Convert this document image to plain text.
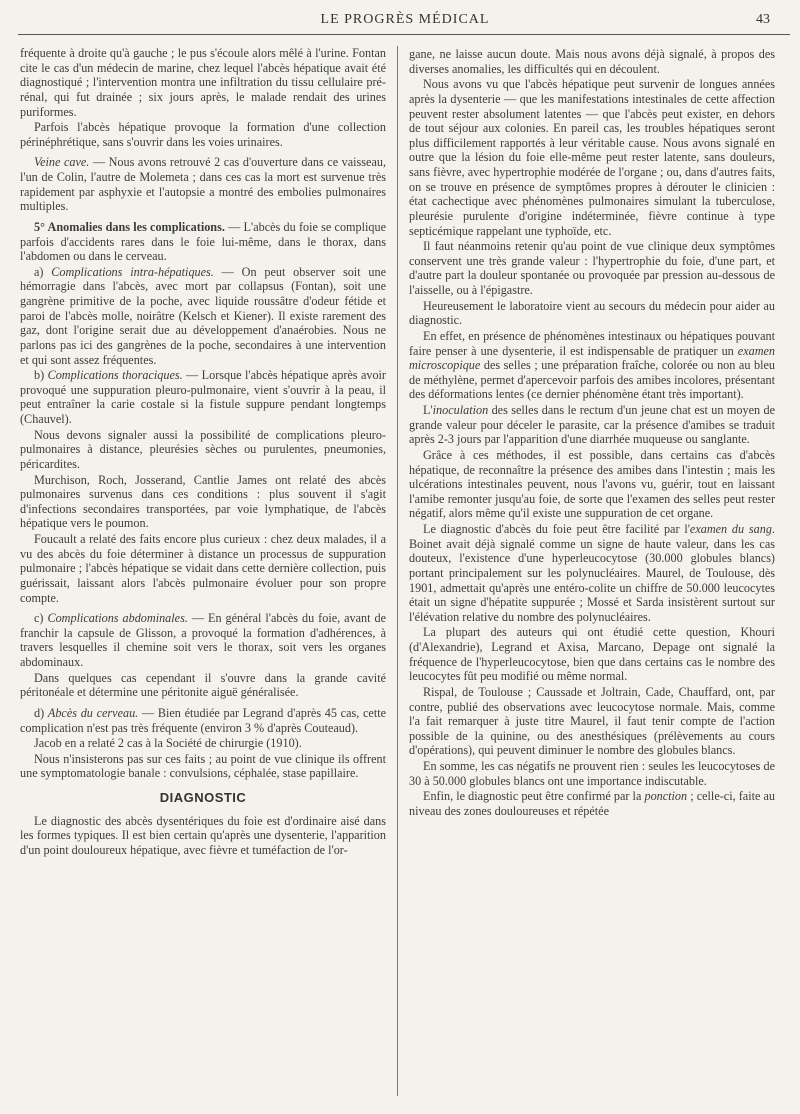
LE PROGRÈS MÉDICAL	43

fréquente à droite qu'à gauche ; le pus s'écoule alors mêlé à l'urine. Fontan cite le cas d'un médecin de marine, chez lequel l'abcès hépatique avait été diagnostiqué ; l'intervention montra une infiltration du tissu cellulaire pré-rénal, qui fut drainée ; six jours après, le malade rendait des urines puriformes.

Parfois l'abcès hépatique provoque la formation d'une collection périnéphrétique, sans s'ouvrir dans les voies urinaires.

Veine cave. — Nous avons retrouvé 2 cas d'ouverture dans ce vaisseau, l'un de Colin, l'autre de Molemeta ; dans ces cas la mort est survenue très rapidement par asphyxie et l'autopsie a montré des embolies pulmonaires multiples.

5° Anomalies dans les complications. — L'abcès du foie se complique parfois d'accidents rares dans le foie lui-même, dans le thorax, dans l'abdomen ou dans le cerveau.

a) Complications intra-hépatiques. — On peut observer soit une hémorragie dans l'abcès, avec mort par collapsus (Fontan), soit une gangrène primitive de la poche, avec liquide roussâtre d'odeur fétide et paroi de l'abcès molle, noirâtre (Kelsch et Kiener). Il existe rarement des gaz, dont l'origine serait due au développement d'anaérobies. Nous ne parlons pas ici des gangrènes de la poche, secondaires à une intervention et qui sont assez fréquentes.

b) Complications thoraciques. — Lorsque l'abcès hépatique après avoir provoqué une suppuration pleuro-pulmonaire, vient s'ouvrir à la peau, il peut entraîner la carie costale si la fistule suppure pendant longtemps (Chauvel).

Nous devons signaler aussi la possibilité de complications pleuro-pulmonaires à distance, pleurésies sèches ou purulentes, pneumonies, péricardites.

Murchison, Roch, Josserand, Cantlie James ont relaté des abcès pulmonaires survenus dans ces conditions : plus souvent il s'agit d'infections secondaires transportées, par voie lymphatique, de l'abcès hépatique vers le poumon.

Foucault a relaté des faits encore plus curieux : chez deux malades, il a vu des abcès du foie déterminer à distance un processus de suppuration pulmonaire ; l'abcès hépatique se vidait dans cette dernière collection, puis guérissait, laissant alors l'abcès pulmonaire évoluer pour son propre compte.

c) Complications abdominales. — En général l'abcès du foie, avant de franchir la capsule de Glisson, a provoqué la formation d'adhérences, à travers lesquelles il chemine soit vers le thorax, soit vers les organes abdominaux.

Dans quelques cas cependant il s'ouvre dans la grande cavité péritonéale et détermine une péritonite aiguë généralisée.

d) Abcès du cerveau. — Bien étudiée par Legrand d'après 45 cas, cette complication n'est pas très fréquente (environ 3 % d'après Couteaud).

Jacob en a relaté 2 cas à la Société de chirurgie (1910).

Nous n'insisterons pas sur ces faits ; au point de vue clinique ils offrent une symptomatologie banale : convulsions, céphalée, stase papillaire.

DIAGNOSTIC

Le diagnostic des abcès dysentériques du foie est d'ordinaire aisé dans les formes typiques. Il est bien certain qu'après une dysenterie, l'apparition d'un point douloureux hépatique, avec fièvre et tuméfaction de l'or-

gane, ne laisse aucun doute. Mais nous avons déjà signalé, à propos des diverses anomalies, les difficultés qui en découlent.

Nous avons vu que l'abcès hépatique peut survenir de longues années après la dysenterie — que les manifestations intestinales de cette affection peuvent rester absolument latentes — que l'abcès peut exister, en dehors de tout séjour aux colonies. En pareil cas, les troubles hépatiques seront plus difficilement rapportés à leur véritable cause. Nous avons signalé en outre que la lésion du foie elle-même peut rester latente, sans douleurs, sans fièvre, avec hypertrophie modérée de l'organe ; ou, dans d'autres faits, on se trouve en présence de symptômes propres à dérouter le clinicien : état cachectique avec phénomènes pulmonaires simulant la tuberculose, pleurésie purulente d'origine indéterminée, fièvre continue à type septicémique rappelant une typhoïde, etc.

Il faut néanmoins retenir qu'au point de vue clinique deux symptômes conservent une très grande valeur : l'hypertrophie du foie, d'une part, et d'autre part la douleur spontanée ou provoquée par pression au-dessous de l'aisselle, ou à l'épigastre.

Heureusement le laboratoire vient au secours du médecin pour aider au diagnostic.

En effet, en présence de phénomènes intestinaux ou hépatiques pouvant faire penser à une dysenterie, il est indispensable de pratiquer un examen microscopique des selles ; une préparation fraîche, colorée ou non au bleu de méthylène, permet d'apercevoir parfois des amibes incolores, présentant des déformations lentes (ce dernier phénomène étant très important).

L'inoculation des selles dans le rectum d'un jeune chat est un moyen de grande valeur pour déceler le parasite, car la présence d'amibes se traduit après 2-3 jours par l'apparition d'une diarrhée muqueuse ou sanglante.

Grâce à ces méthodes, il est possible, dans certains cas d'abcès hépatique, de reconnaître la présence des amibes dans l'intestin ; mais les ulcérations intestinales peuvent, nous l'avons vu, guérir, tout en laissant l'amibe remonter jusqu'au foie, de sorte que l'examen des selles peut rester négatif, alors même qu'il existe une suppuration de cet organe.

Le diagnostic d'abcès du foie peut être facilité par l'examen du sang. Boinet avait déjà signalé comme un signe de haute valeur, dans les cas douteux, l'existence d'une hyperleucocytose (30.000 globules blancs) portant principalement sur les polynucléaires. Maurel, de Toulouse, dès 1901, admettait qu'après une entéro-colite un chiffre de 50.000 leucocytes était un signe d'hépatite suppurée ; Mossé et Sarda insistèrent surtout sur l'élévation relative du nombre des polynucléaires.

La plupart des auteurs qui ont étudié cette question, Khouri (d'Alexandrie), Legrand et Axisa, Marcano, Depage ont signalé la fréquence de l'hyperleucocytose, bien que dans certains cas le nombre des leucocytes fût peu modifié ou même normal.

Rispal, de Toulouse ; Caussade et Joltrain, Cade, Chauffard, ont, par contre, publié des observations avec leucocytose normale. Mais, comme l'a fait remarquer à juste titre Maurel, il faut tenir compte de l'action possible de la quinine, ou des anesthésiques (prélèvements au cours d'opérations), qui peuvent diminuer le nombre des globules blancs.

En somme, les cas négatifs ne prouvent rien : seules les leucocytoses de 30 à 50.000 globules blancs ont une importance indiscutable.

Enfin, le diagnostic peut être confirmé par la ponction ; celle-ci, faite au niveau des zones douloureuses et répétée
